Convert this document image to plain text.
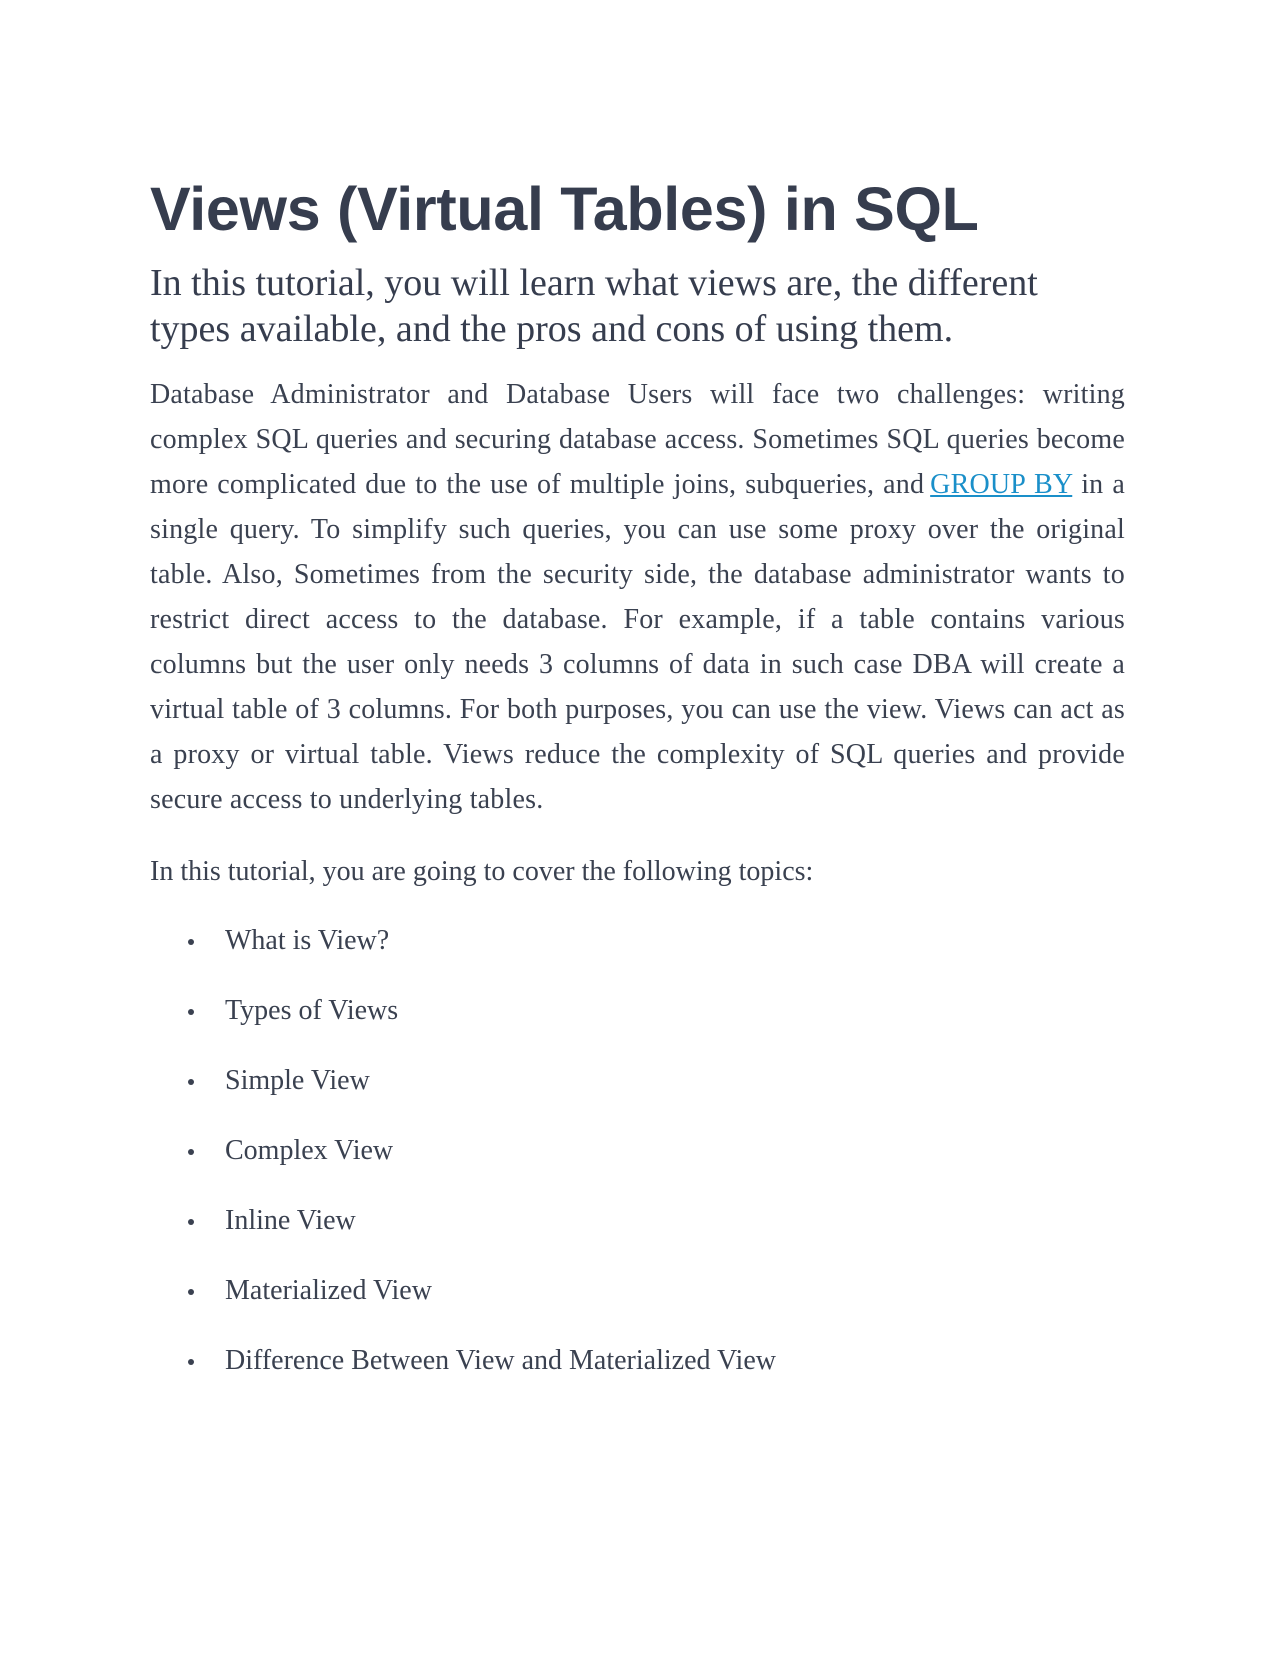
Views (Virtual Tables) in SQL

In this tutorial, you will learn what views are, the different types available, and the pros and cons of using them.

Database Administrator and Database Users will face two challenges: writing complex SQL queries and securing database access. Sometimes SQL queries become more complicated due to the use of multiple joins, subqueries, and GROUP BY in a single query. To simplify such queries, you can use some proxy over the original table. Also, Sometimes from the security side, the database administrator wants to restrict direct access to the database. For example, if a table contains various columns but the user only needs 3 columns of data in such case DBA will create a virtual table of 3 columns. For both purposes, you can use the view. Views can act as a proxy or virtual table. Views reduce the complexity of SQL queries and provide secure access to underlying tables.

In this tutorial, you are going to cover the following topics:

What is View?
Types of Views
Simple View
Complex View
Inline View
Materialized View
Difference Between View and Materialized View
